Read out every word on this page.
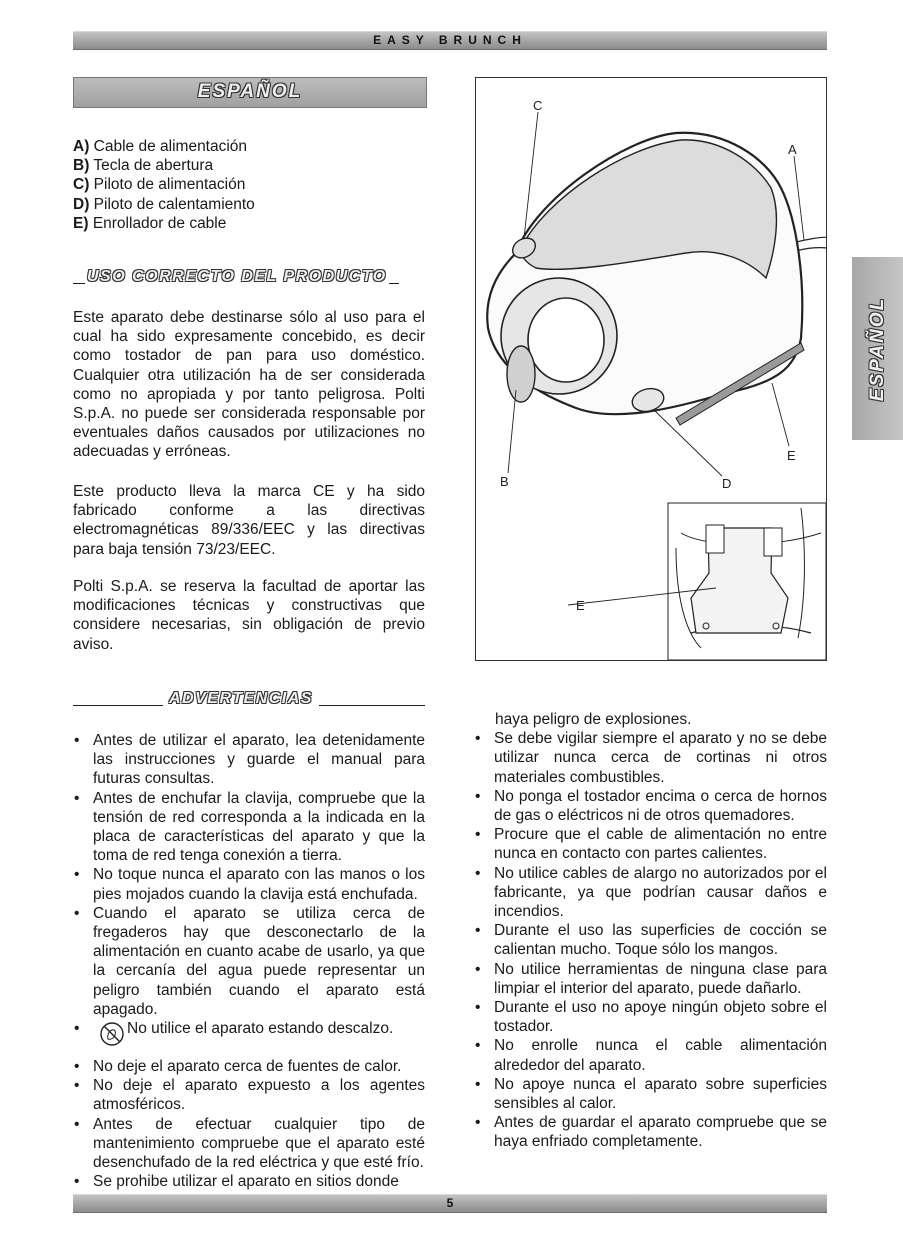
EASY BRUNCH
5
ESPAÑOL
A) Cable de alimentación
B) Tecla de abertura
C) Piloto de alimentación
D) Piloto de calentamiento
E) Enrollador de cable
USO CORRECTO DEL PRODUCTO
Este aparato debe destinarse sólo al uso para el cual ha sido expresamente concebido, es decir como tostador de pan para uso doméstico. Cualquier otra utilización ha de ser considerada como no apropiada y por tanto peligrosa. Polti S.p.A. no puede ser considerada responsable por eventuales daños causados por utilizaciones no adecuadas y erróneas.
Este producto lleva la marca CE y ha sido fabricado conforme a las directivas electromagnéticas 89/336/EEC y las directivas para baja tensión 73/23/EEC.
Polti S.p.A. se reserva la facultad de aportar las modificaciones técnicas y constructivas que considere necesarias, sin obligación de previo aviso.
ADVERTENCIAS
• Antes de utilizar el aparato, lea detenidamente las instrucciones y guarde el manual para futuras consultas.
• Antes de enchufar la clavija, compruebe que la tensión de red corresponda a la indicada en la placa de características del aparato y que la toma de red tenga conexión a tierra.
• No toque nunca el aparato con las manos o los pies mojados cuando la clavija está enchufada.
• Cuando el aparato se utiliza cerca de fregaderos hay que desconectarlo de la alimentación en cuanto acabe de usarlo, ya que la cercanía del agua puede representar un peligro también cuando el aparato está apagado.
•	No utilice el aparato estando descalzo.
• No deje el aparato cerca de fuentes de calor.
• No deje el aparato expuesto a los agentes atmosféricos.
• Antes de efectuar cualquier tipo de mantenimiento compruebe que el aparato esté desenchufado de la red eléctrica y que esté frío.
• Se prohibe utilizar el aparato en sitios donde
haya peligro de explosiones.
• Se debe vigilar siempre el aparato y no se debe utilizar nunca cerca de cortinas ni otros materiales combustibles.
• No ponga el tostador encima o cerca de hornos de gas o eléctricos ni de otros quemadores.
• Procure que el cable de alimentación no entre nunca en contacto con partes calientes.
• No utilice cables de alargo no autorizados por el fabricante, ya que podrían causar daños e incendios.
• Durante el uso las superficies de cocción se calientan mucho. Toque sólo los mangos.
• No utilice herramientas de ninguna clase para limpiar el interior del aparato, puede dañarlo.
• Durante el uso no apoye ningún objeto sobre el tostador.
• No enrolle nunca el cable alimentación alrededor del aparato.
• No apoye nunca el aparato sobre superficies sensibles al calor.
• Antes de guardar el aparato compruebe que se haya enfriado completamente.
C
A
B	D
E
E
ESPAÑOL
